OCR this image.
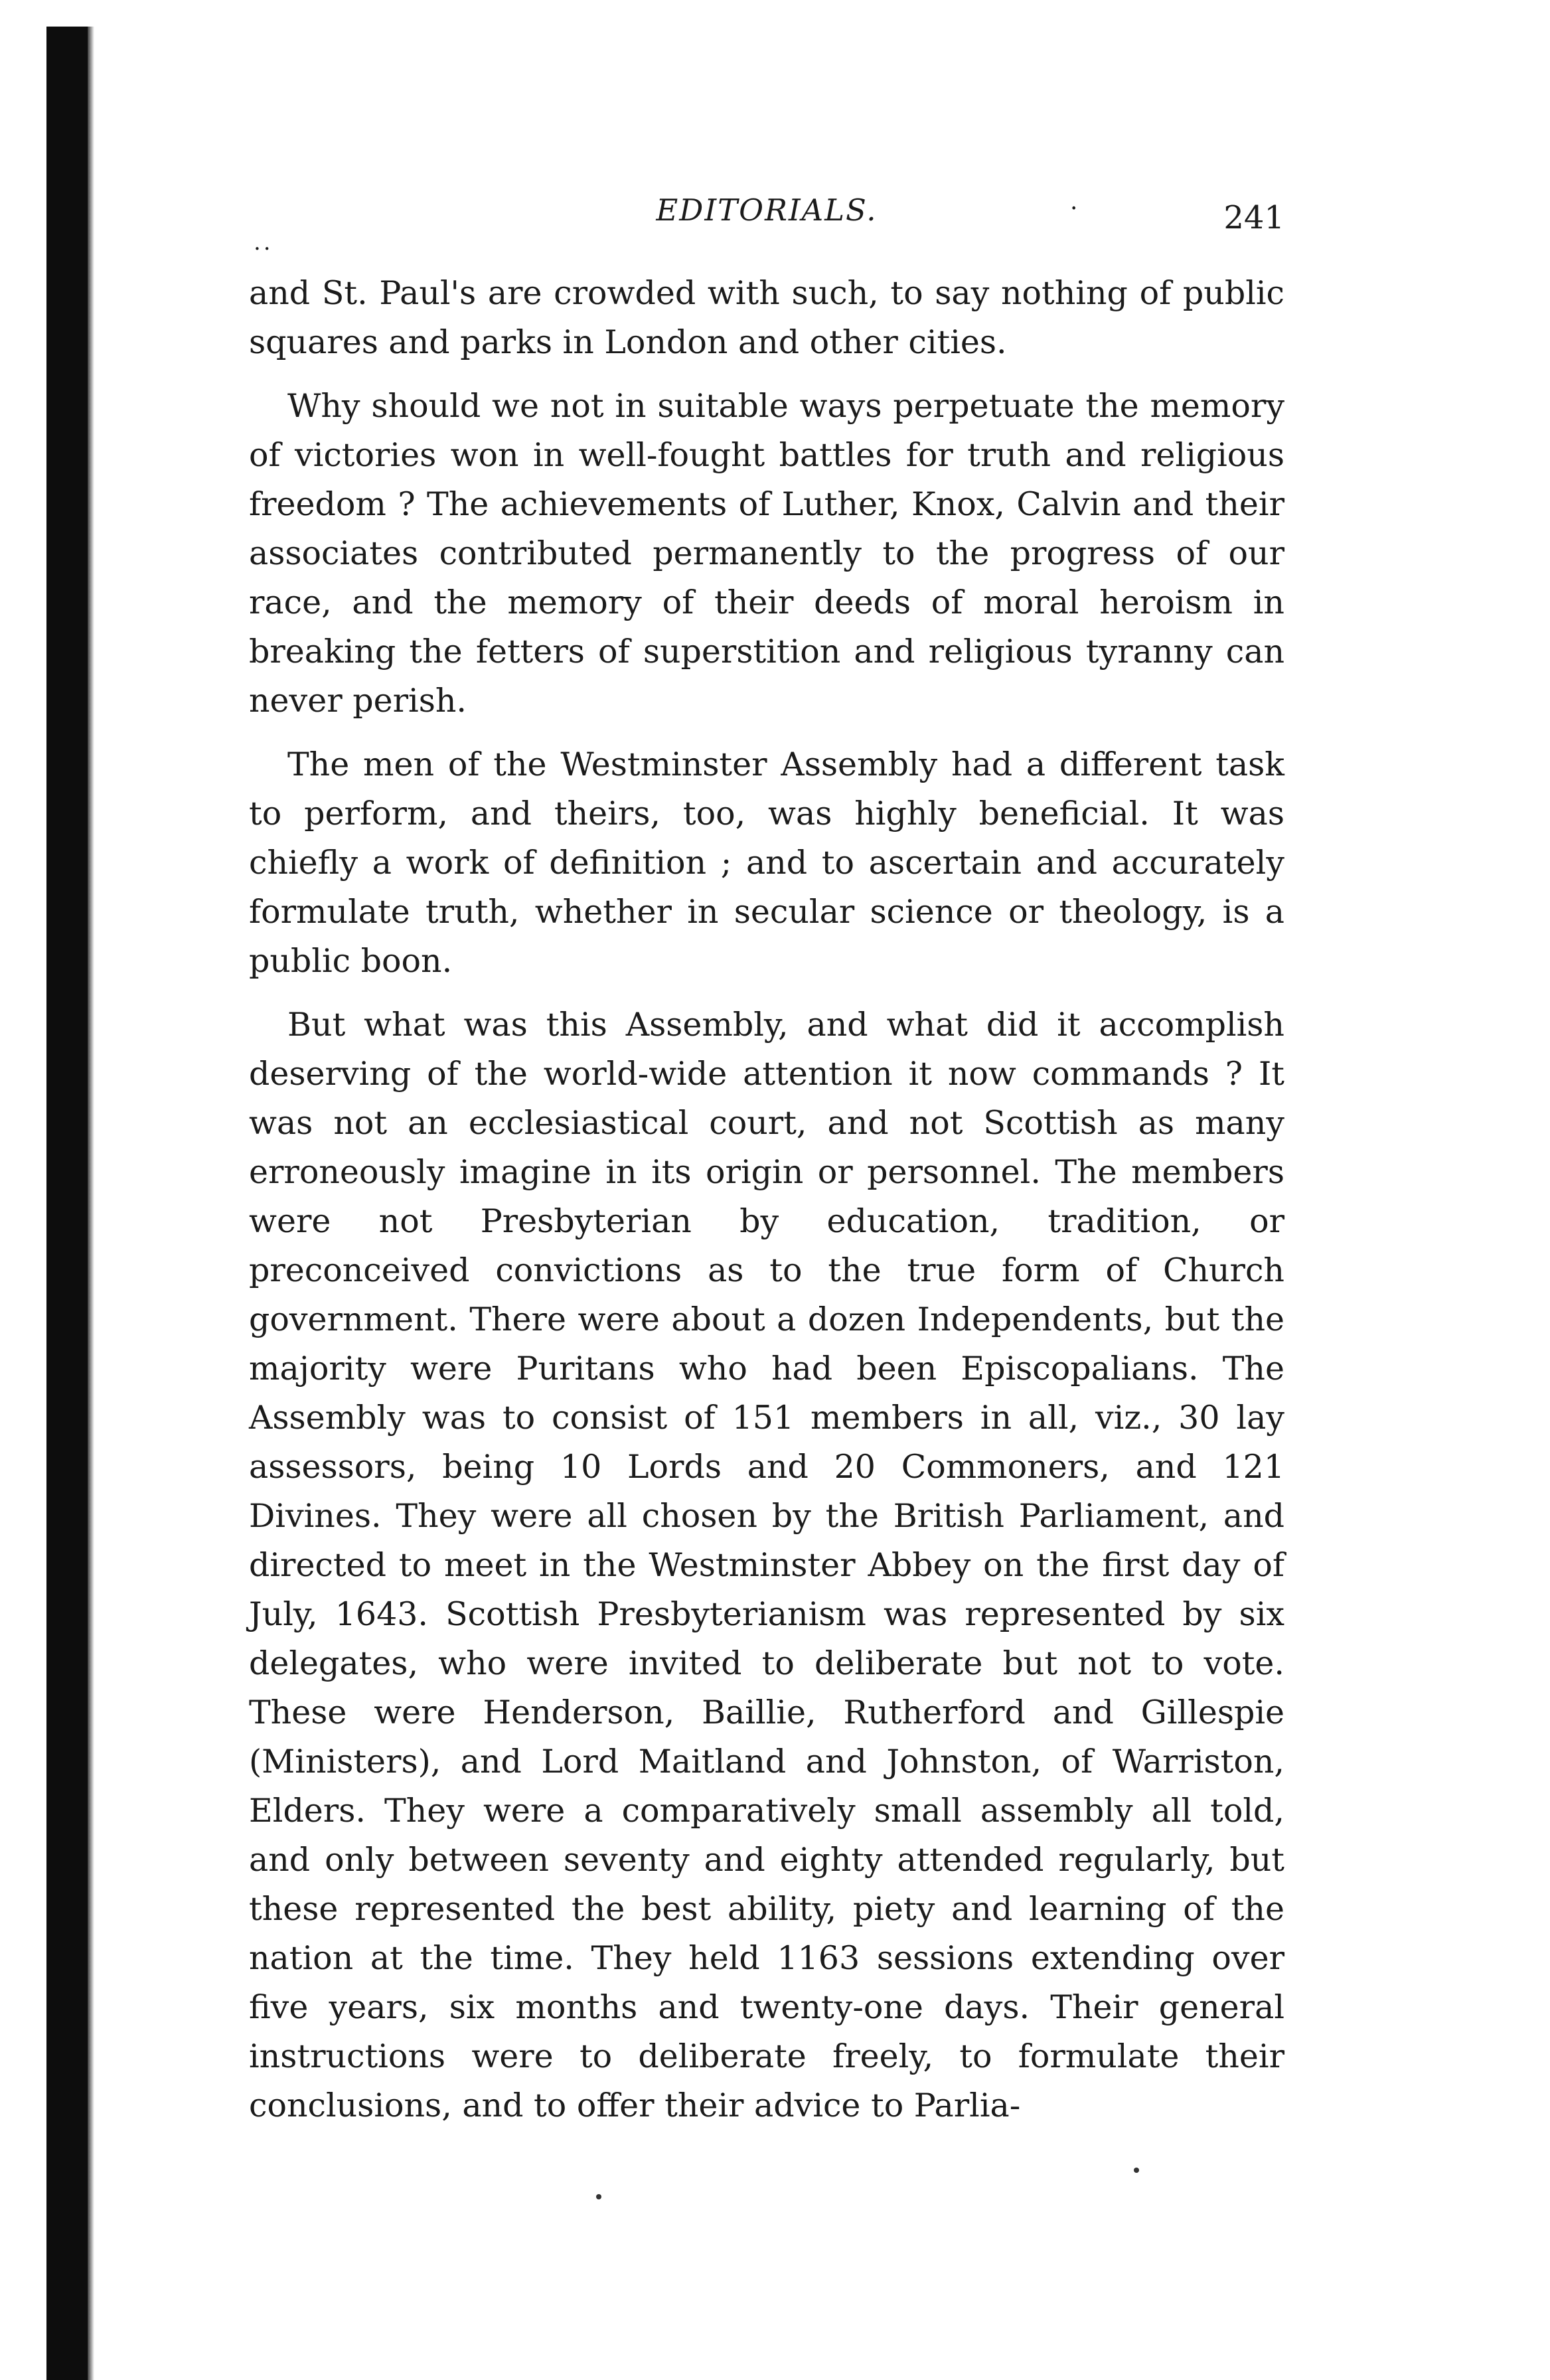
EDITORIALS.	241
..
·

and St. Paul's are crowded with such, to say nothing of public squares and parks in London and other cities.

Why should we not in suitable ways perpetuate the memory of victories won in well-fought battles for truth and religious freedom ? The achievements of Luther, Knox, Calvin and their associates contributed permanently to the progress of our race, and the memory of their deeds of moral heroism in breaking the fetters of superstition and religious tyranny can never perish.

The men of the Westminster Assembly had a different task to perform, and theirs, too, was highly beneficial. It was chiefly a work of definition ; and to ascertain and accurately formulate truth, whether in secular science or theology, is a public boon.

But what was this Assembly, and what did it accomplish deserving of the world-wide attention it now commands ? It was not an ecclesiastical court, and not Scottish as many erroneously imagine in its origin or personnel. The members were not Presbyterian by education, tradition, or preconceived convictions as to the true form of Church government. There were about a dozen Independents, but the majority were Puritans who had been Episcopalians. The Assembly was to consist of 151 members in all, viz., 30 lay assessors, being 10 Lords and 20 Commoners, and 121 Divines. They were all chosen by the British Parliament, and directed to meet in the Westminster Abbey on the first day of July, 1643. Scottish Presbyterianism was represented by six delegates, who were invited to deliberate but not to vote. These were Henderson, Baillie, Rutherford and Gillespie (Ministers), and Lord Maitland and Johnston, of Warriston, Elders. They were a comparatively small assembly all told, and only between seventy and eighty attended regularly, but these represented the best ability, piety and learning of the nation at the time. They held 1163 sessions extending over five years, six months and twenty-one days. Their general instructions were to deliberate freely, to formulate their conclusions, and to offer their advice to Parlia-
